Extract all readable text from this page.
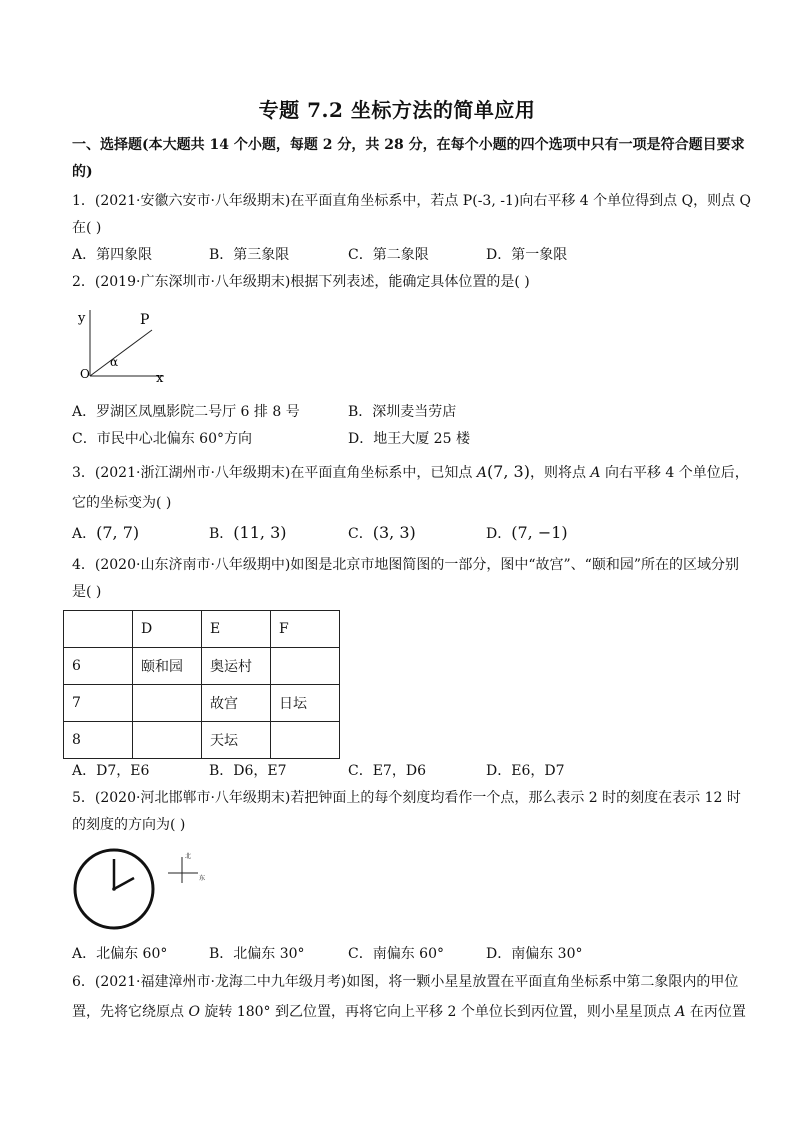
专题 7.2 坐标方法的简单应用
一、选择题(本大题共 14 个小题，每题 2 分，共 28 分，在每个小题的四个选项中只有一项是符合题目要求
的)
1．(2021·安徽六安市·八年级期末)在平面直角坐标系中，若点 P(-3, -1)向右平移 4 个单位得到点 Q，则点 Q
在( )
A．第四象限	B．第三象限	C．第二象限	D．第一象限
2．(2019·广东深圳市·八年级期末)根据下列表述，能确定具体位置的是( )
y	P
α
O	x
A．罗湖区凤凰影院二号厅 6 排 8 号	B．深圳麦当劳店
C．市民中心北偏东 60°方向	D．地王大厦 25 楼
3．(2021·浙江湖州市·八年级期末)在平面直角坐标系中，已知点 A(7, 3)，则将点 A 向右平移 4 个单位后，
它的坐标变为( )
A．(7, 7)	B．(11, 3)	C．(3, 3)	D．(7, −1)
4．(2020·山东济南市·八年级期中)如图是北京市地图简图的一部分，图中“故宫”、“颐和园”所在的区域分别
是( )
	D	E	F
6	颐和园	奥运村	
7		故宫	日坛
8		天坛	
A．D7，E6	B．D6，E7	C．E7，D6	D．E6，D7
5．(2020·河北邯郸市·八年级期末)若把钟面上的每个刻度均看作一个点，那么表示 2 时的刻度在表示 12 时
的刻度的方向为( )
北
东
A．北偏东 60°	B．北偏东 30°	C．南偏东 60°	D．南偏东 30°
6．(2021·福建漳州市·龙海二中九年级月考)如图，将一颗小星星放置在平面直角坐标系中第二象限内的甲位
置，先将它绕原点 O 旋转 180° 到乙位置，再将它向上平移 2 个单位长到丙位置，则小星星顶点 A 在丙位置
